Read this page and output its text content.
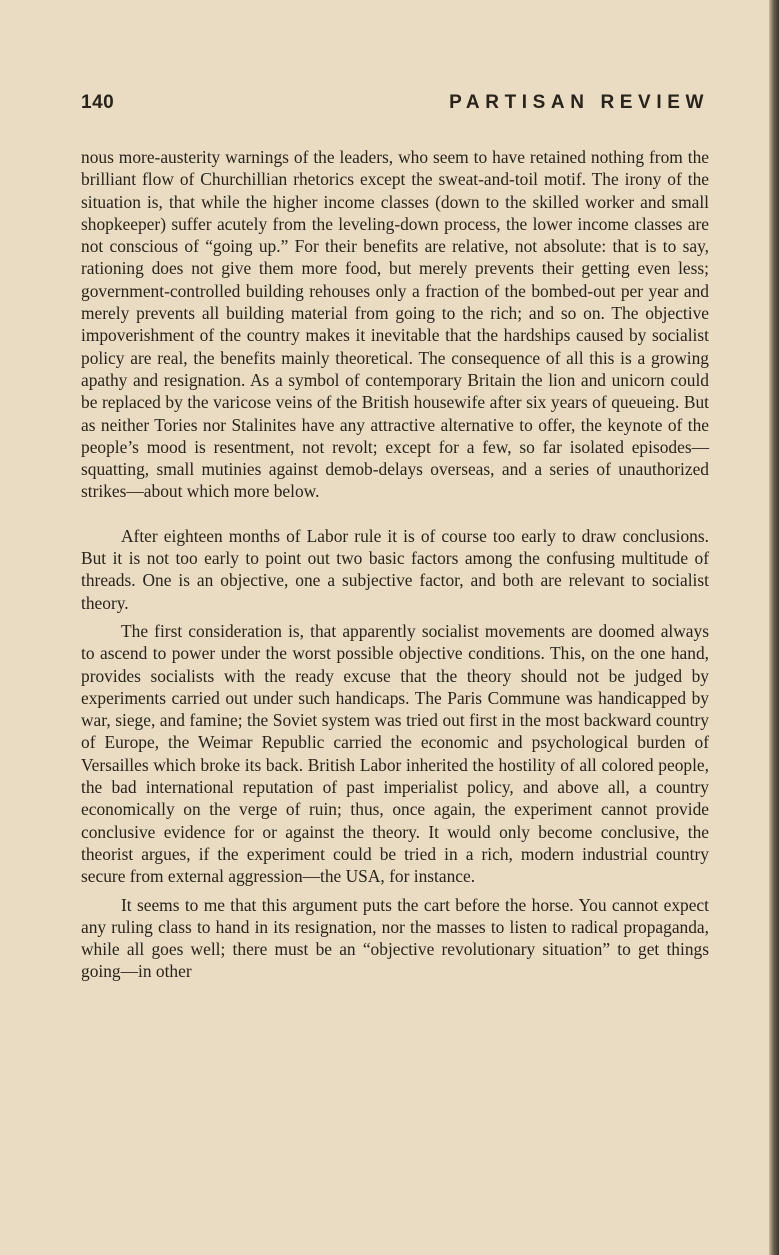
140	PARTISAN REVIEW

nous more-austerity warnings of the leaders, who seem to have retained nothing from the brilliant flow of Churchillian rhetorics except the sweat-and-toil motif. The irony of the situation is, that while the higher income classes (down to the skilled worker and small shopkeeper) suffer acutely from the leveling-down process, the lower income classes are not conscious of “going up.” For their benefits are relative, not absolute: that is to say, rationing does not give them more food, but merely prevents their getting even less; government-controlled building rehouses only a fraction of the bombed-out per year and merely prevents all building material from going to the rich; and so on. The objective impoverishment of the country makes it inevitable that the hardships caused by socialist policy are real, the benefits mainly theoretical. The consequence of all this is a growing apathy and resignation. As a symbol of contemporary Britain the lion and unicorn could be replaced by the varicose veins of the British housewife after six years of queueing. But as neither Tories nor Stalinites have any attractive alternative to offer, the keynote of the people’s mood is resentment, not revolt; except for a few, so far isolated episodes—squatting, small mutinies against demob-delays overseas, and a series of unauthorized strikes—about which more below.

After eighteen months of Labor rule it is of course too early to draw conclusions. But it is not too early to point out two basic factors among the confusing multitude of threads. One is an objective, one a subjective factor, and both are relevant to socialist theory.

The first consideration is, that apparently socialist movements are doomed always to ascend to power under the worst possible objective conditions. This, on the one hand, provides socialists with the ready excuse that the theory should not be judged by experiments carried out under such handicaps. The Paris Commune was handicapped by war, siege, and famine; the Soviet system was tried out first in the most backward country of Europe, the Weimar Republic carried the economic and psychological burden of Versailles which broke its back. British Labor inherited the hostility of all colored people, the bad international reputation of past imperialist policy, and above all, a country economically on the verge of ruin; thus, once again, the experiment cannot provide conclusive evidence for or against the theory. It would only become conclusive, the theorist argues, if the experiment could be tried in a rich, modern industrial country secure from external aggression—the USA, for instance.

It seems to me that this argument puts the cart before the horse. You cannot expect any ruling class to hand in its resignation, nor the masses to listen to radical propaganda, while all goes well; there must be an “objective revolutionary situation” to get things going—in other
